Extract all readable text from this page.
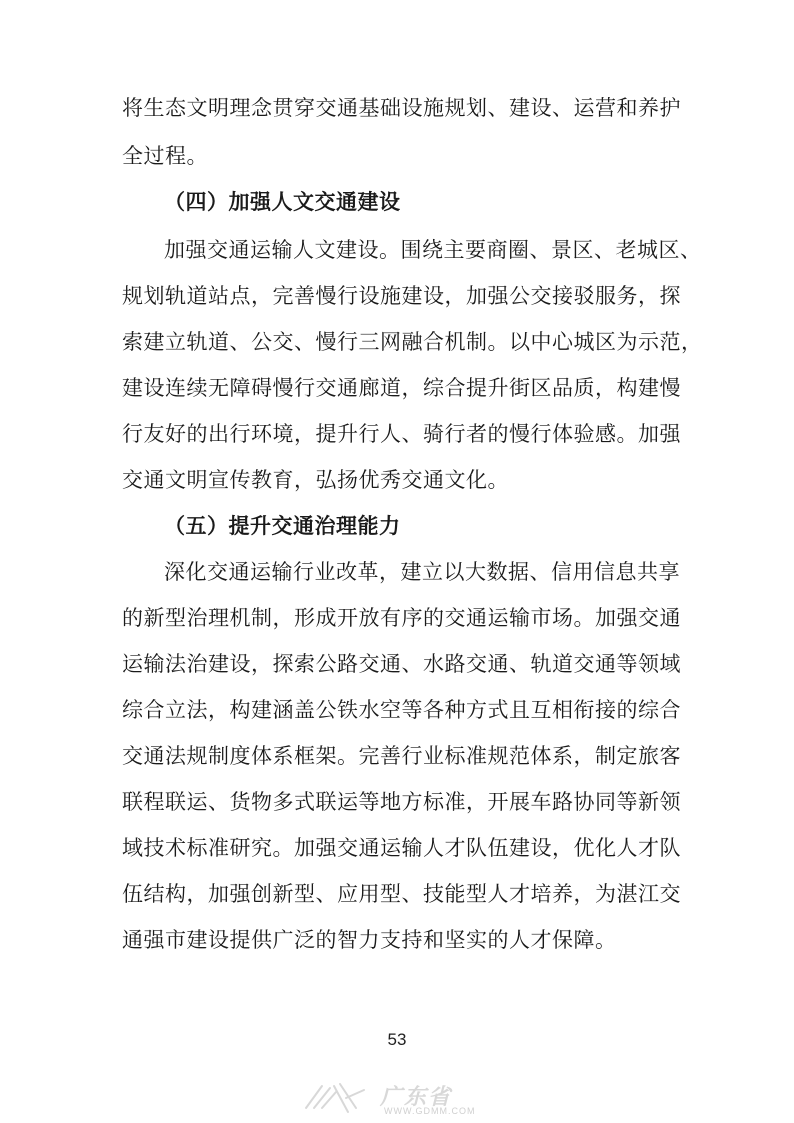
将生态文明理念贯穿交通基础设施规划、建设、运营和养护
全过程。
（四）加强人文交通建设
加强交通运输人文建设。围绕主要商圈、景区、老城区、
规划轨道站点，完善慢行设施建设，加强公交接驳服务，探
索建立轨道、公交、慢行三网融合机制。以中心城区为示范，
建设连续无障碍慢行交通廊道，综合提升街区品质，构建慢
行友好的出行环境，提升行人、骑行者的慢行体验感。加强
交通文明宣传教育，弘扬优秀交通文化。
（五）提升交通治理能力
深化交通运输行业改革，建立以大数据、信用信息共享
的新型治理机制，形成开放有序的交通运输市场。加强交通
运输法治建设，探索公路交通、水路交通、轨道交通等领域
综合立法，构建涵盖公铁水空等各种方式且互相衔接的综合
交通法规制度体系框架。完善行业标准规范体系，制定旅客
联程联运、货物多式联运等地方标准，开展车路协同等新领
域技术标准研究。加强交通运输人才队伍建设，优化人才队
伍结构，加强创新型、应用型、技能型人才培养，为湛江交
通强市建设提供广泛的智力支持和坚实的人才保障。
53
广东省
WWW.GDMM.COM
